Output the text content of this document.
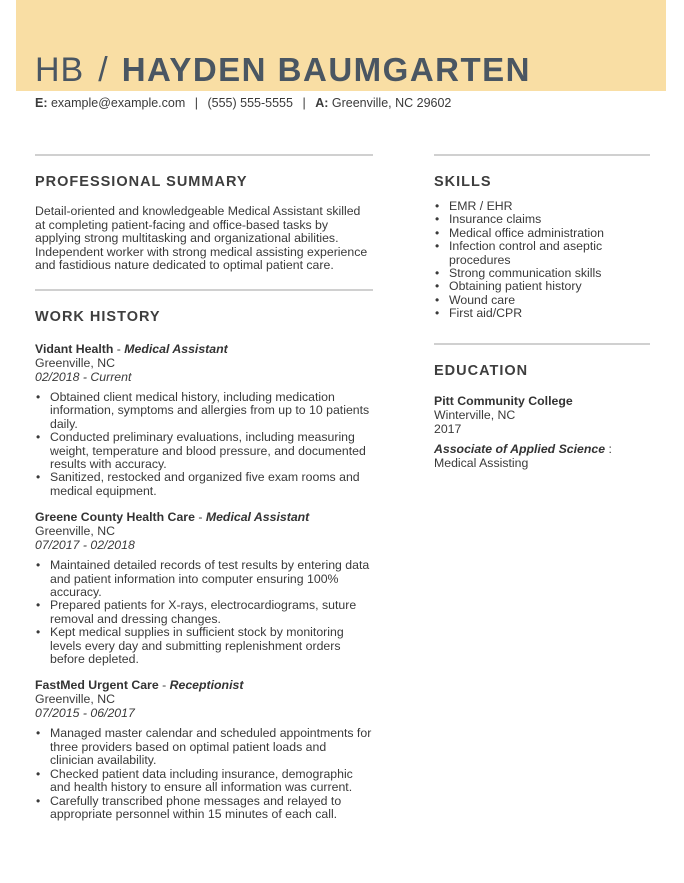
HB / HAYDEN BAUMGARTEN
E: example@example.com | (555) 555-5555 | A: Greenville, NC 29602
PROFESSIONAL SUMMARY
Detail-oriented and knowledgeable Medical Assistant skilled at completing patient-facing and office-based tasks by applying strong multitasking and organizational abilities. Independent worker with strong medical assisting experience and fastidious nature dedicated to optimal patient care.
WORK HISTORY
Vidant Health - Medical Assistant
Greenville, NC
02/2018 - Current
• Obtained client medical history, including medication information, symptoms and allergies from up to 10 patients daily.
• Conducted preliminary evaluations, including measuring weight, temperature and blood pressure, and documented results with accuracy.
• Sanitized, restocked and organized five exam rooms and medical equipment.
Greene County Health Care - Medical Assistant
Greenville, NC
07/2017 - 02/2018
• Maintained detailed records of test results by entering data and patient information into computer ensuring 100% accuracy.
• Prepared patients for X-rays, electrocardiograms, suture removal and dressing changes.
• Kept medical supplies in sufficient stock by monitoring levels every day and submitting replenishment orders before depleted.
FastMed Urgent Care - Receptionist
Greenville, NC
07/2015 - 06/2017
• Managed master calendar and scheduled appointments for three providers based on optimal patient loads and clinician availability.
• Checked patient data including insurance, demographic and health history to ensure all information was current.
• Carefully transcribed phone messages and relayed to appropriate personnel within 15 minutes of each call.
SKILLS
• EMR / EHR
• Insurance claims
• Medical office administration
• Infection control and aseptic procedures
• Strong communication skills
• Obtaining patient history
• Wound care
• First aid/CPR
EDUCATION
Pitt Community College
Winterville, NC
2017
Associate of Applied Science :
Medical Assisting
